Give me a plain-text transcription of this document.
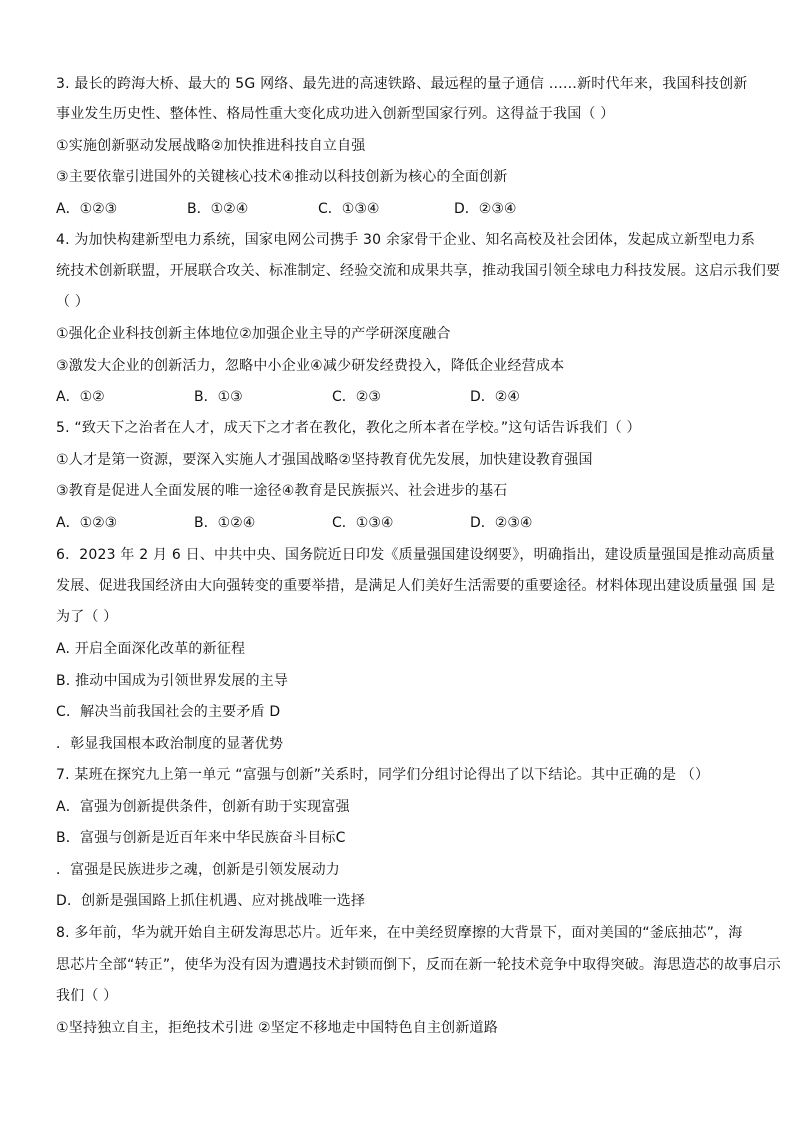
3. 最长的跨海大桥、最大的 5G 网络、最先进的高速铁路、最远程的量子通信 ……新时代年来，我国科技创新
事业发生历史性、整体性、格局性重大变化成功进入创新型国家行列。这得益于我国（ ）
①实施创新驱动发展战略②加快推进科技自立自强
③主要依靠引进国外的关键核心技术④推动以科技创新为核心的全面创新
A．①②③	B．①②④	C．①③④	D．②③④
4. 为加快构建新型电力系统，国家电网公司携手 30 余家骨干企业、知名高校及社会团体，发起成立新型电力系
统技术创新联盟，开展联合攻关、标准制定、经验交流和成果共享，推动我国引领全球电力科技发展。这启示我们要
（ ）
①强化企业科技创新主体地位②加强企业主导的产学研深度融合
③激发大企业的创新活力，忽略中小企业④减少研发经费投入，降低企业经营成本
A．①②	B．①③	C．②③	D．②④
5. “致天下之治者在人才，成天下之才者在教化，教化之所本者在学校。”这句话告诉我们（ ）
①人才是第一资源，要深入实施人才强国战略②坚持教育优先发展，加快建设教育强国
③教育是促进人全面发展的唯一途径④教育是民族振兴、社会进步的基石
A．①②③	B．①②④	C．①③④	D．②③④
6．2023 年 2 月 6 日、中共中央、国务院近日印发《质量强国建设纲要》，明确指出，建设质量强国是推动高质量
发展、促进我国经济由大向强转变的重要举措，是满足人们美好生活需要的重要途径。材料体现出建设质量强 国 是
为了（ ）
A. 开启全面深化改革的新征程
B. 推动中国成为引领世界发展的主导
C．解决当前我国社会的主要矛盾 D
．彰显我国根本政治制度的显著优势
7. 某班在探究九上第一单元 “富强与创新”关系时，同学们分组讨论得出了以下结论。其中正确的是 （）
A．富强为创新提供条件，创新有助于实现富强
B．富强与创新是近百年来中华民族奋斗目标C
．富强是民族进步之魂，创新是引领发展动力
D．创新是强国路上抓住机遇、应对挑战唯一选择
8. 多年前，华为就开始自主研发海思芯片。近年来，在中美经贸摩擦的大背景下，面对美国的“釜底抽芯”，海
思芯片全部“转正”，使华为没有因为遭遇技术封锁而倒下，反而在新一轮技术竞争中取得突破。海思造芯的故事启示
我们（ ）
①坚持独立自主，拒绝技术引进 ②坚定不移地走中国特色自主创新道路
